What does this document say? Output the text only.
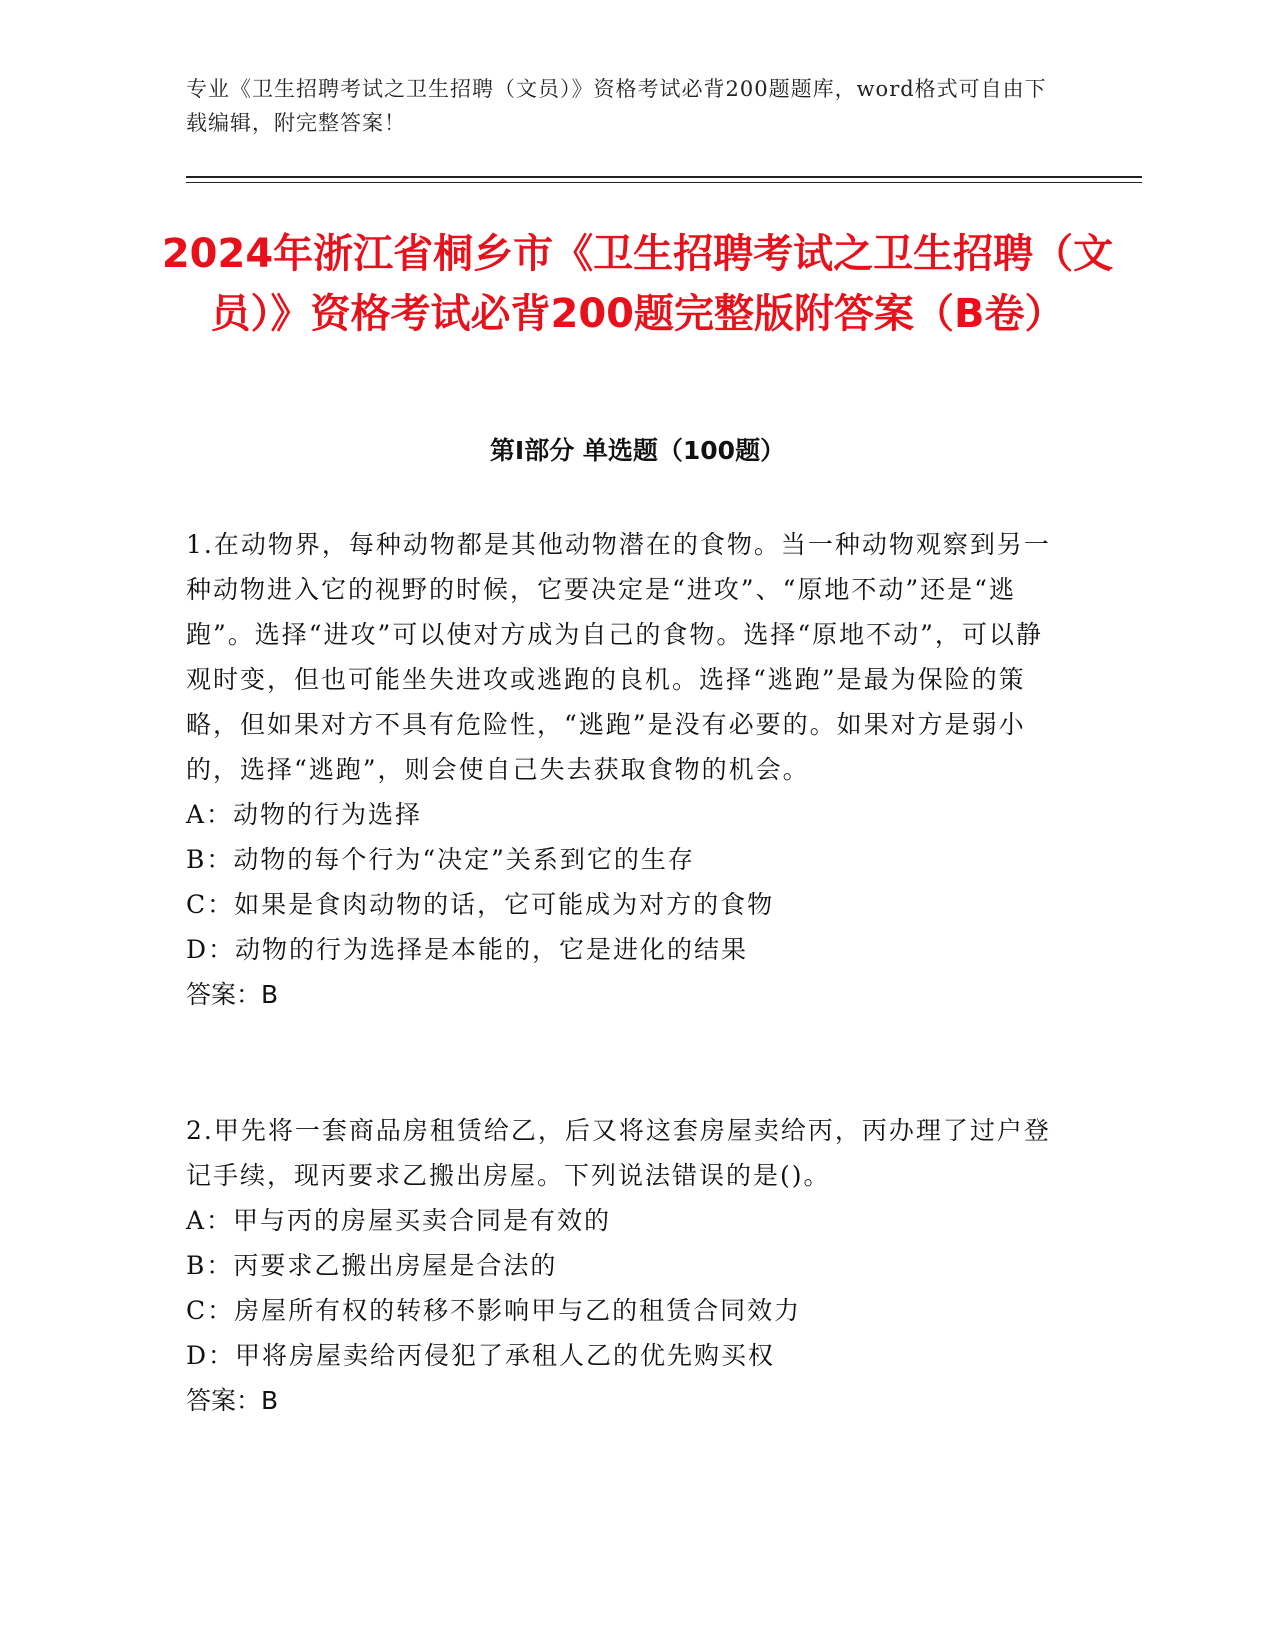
专业《卫生招聘考试之卫生招聘（文员）》资格考试必背200题题库，word格式可自由下载编辑，附完整答案！
2024年浙江省桐乡市《卫生招聘考试之卫生招聘（文员）》资格考试必背200题完整版附答案（B卷）
第I部分 单选题（100题）

1.在动物界，每种动物都是其他动物潜在的食物。当一种动物观察到另一种动物进入它的视野的时候，它要决定是“进攻”、“原地不动”还是“逃跑”。选择“进攻”可以使对方成为自己的食物。选择“原地不动”，可以静观时变，但也可能坐失进攻或逃跑的良机。选择“逃跑”是最为保险的策略，但如果对方不具有危险性，“逃跑”是没有必要的。如果对方是弱小的，选择“逃跑”，则会使自己失去获取食物的机会。

A：动物的行为选择

B：动物的每个行为“决定”关系到它的生存

C：如果是食肉动物的话，它可能成为对方的食物

D：动物的行为选择是本能的，它是进化的结果

答案：B

2.甲先将一套商品房租赁给乙，后又将这套房屋卖给丙，丙办理了过户登记手续，现丙要求乙搬出房屋。下列说法错误的是()。

A：甲与丙的房屋买卖合同是有效的

B：丙要求乙搬出房屋是合法的

C：房屋所有权的转移不影响甲与乙的租赁合同效力

D：甲将房屋卖给丙侵犯了承租人乙的优先购买权

答案：B
